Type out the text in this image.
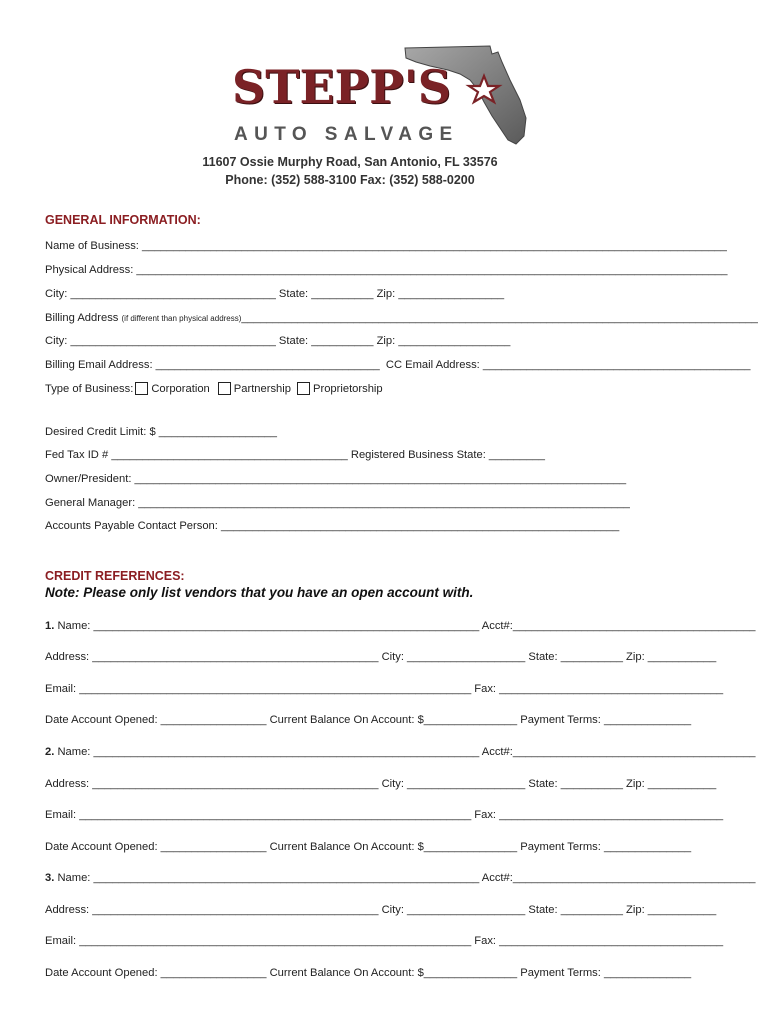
STEPP'S
AUTO SALVAGE
11607 Ossie Murphy Road, San Antonio, FL 33576
Phone: (352) 588-3100 Fax: (352) 588-0200
GENERAL INFORMATION:
Name of Business: ______________________________________________________________________________________________
Physical Address: _______________________________________________________________________________________________
City: _________________________________ State: __________ Zip: _________________
Billing Address (if different than physical address)___________________________________________________________________________________
City: _________________________________ State: __________ Zip: __________________
Billing Email Address: ____________________________________  CC Email Address: ___________________________________________
Type of Business: Corporation Partnership Proprietorship
Desired Credit Limit: $ ___________________
Fed Tax ID # ______________________________________ Registered Business State: _________
Owner/President: _______________________________________________________________________________
General Manager: _______________________________________________________________________________
Accounts Payable Contact Person: ________________________________________________________________
CREDIT REFERENCES:
Note: Please only list vendors that you have an open account with.
1. Name: ______________________________________________________________ Acct#:_______________________________________
Address: ______________________________________________ City: ___________________ State: __________ Zip: ___________
Email: _______________________________________________________________ Fax: ____________________________________
Date Account Opened: _________________ Current Balance On Account: $_______________ Payment Terms: ______________
2. Name: ______________________________________________________________ Acct#:_______________________________________
Address: ______________________________________________ City: ___________________ State: __________ Zip: ___________
Email: _______________________________________________________________ Fax: ____________________________________
Date Account Opened: _________________ Current Balance On Account: $_______________ Payment Terms: ______________
3. Name: ______________________________________________________________ Acct#:_______________________________________
Address: ______________________________________________ City: ___________________ State: __________ Zip: ___________
Email: _______________________________________________________________ Fax: ____________________________________
Date Account Opened: _________________ Current Balance On Account: $_______________ Payment Terms: ______________
